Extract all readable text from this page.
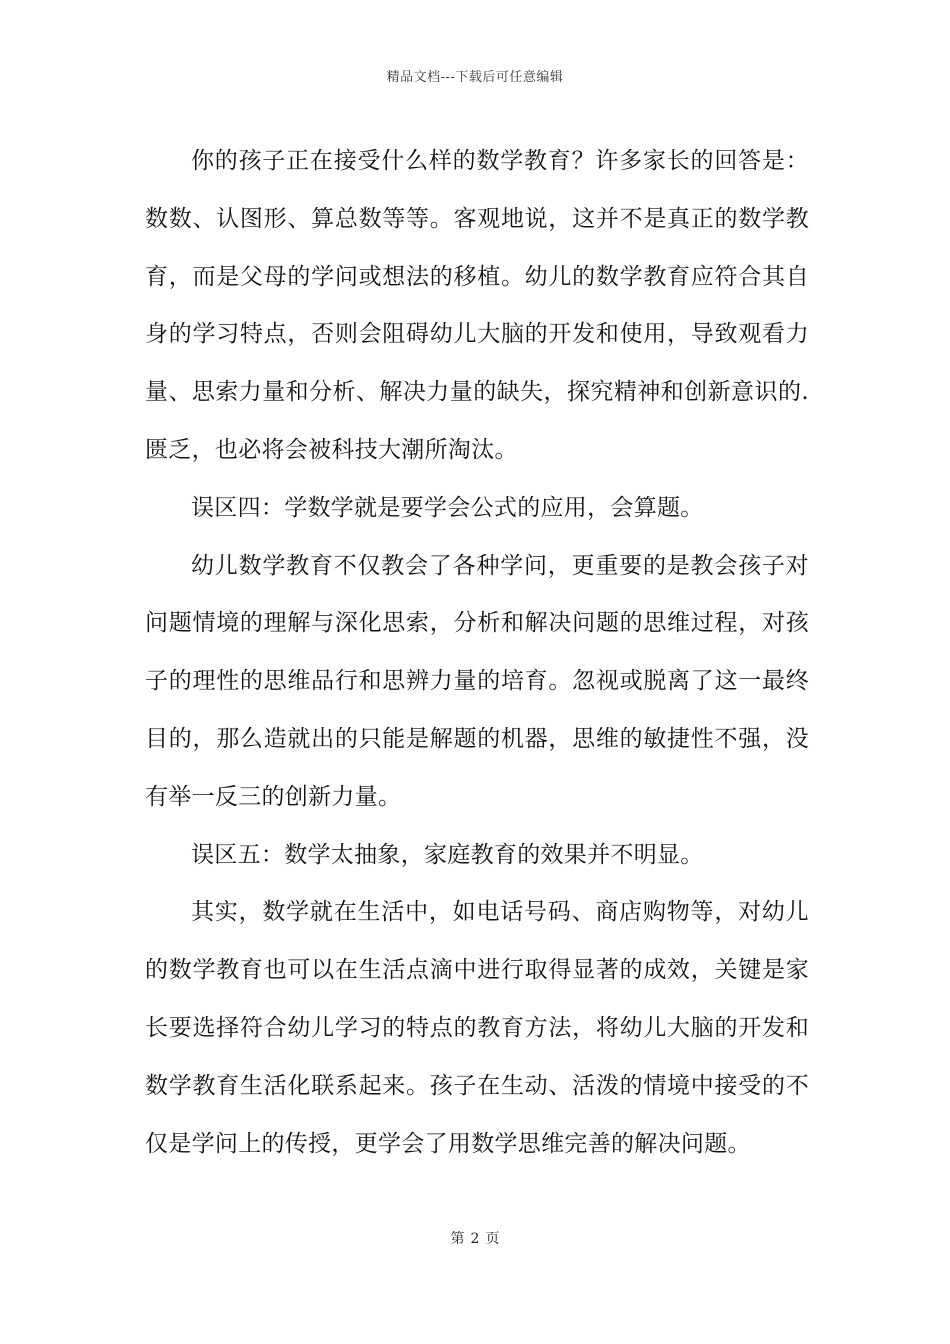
精品文档---下载后可任意编辑

你的孩子正在接受什么样的数学教育？许多家长的回答是：数数、认图形、算总数等等。客观地说，这并不是真正的数学教育，而是父母的学问或想法的移植。幼儿的数学教育应符合其自身的学习特点，否则会阻碍幼儿大脑的开发和使用，导致观看力量、思索力量和分析、解决力量的缺失，探究精神和创新意识的.匮乏，也必将会被科技大潮所淘汰。

误区四：学数学就是要学会公式的应用，会算题。

幼儿数学教育不仅教会了各种学问，更重要的是教会孩子对问题情境的理解与深化思索，分析和解决问题的思维过程，对孩子的理性的思维品行和思辨力量的培育。忽视或脱离了这一最终目的，那么造就出的只能是解题的机器，思维的敏捷性不强，没有举一反三的创新力量。

误区五：数学太抽象，家庭教育的效果并不明显。

其实，数学就在生活中，如电话号码、商店购物等，对幼儿的数学教育也可以在生活点滴中进行取得显著的成效，关键是家长要选择符合幼儿学习的特点的教育方法，将幼儿大脑的开发和数学教育生活化联系起来。孩子在生动、活泼的情境中接受的不仅是学问上的传授，更学会了用数学思维完善的解决问题。

第 2 页
